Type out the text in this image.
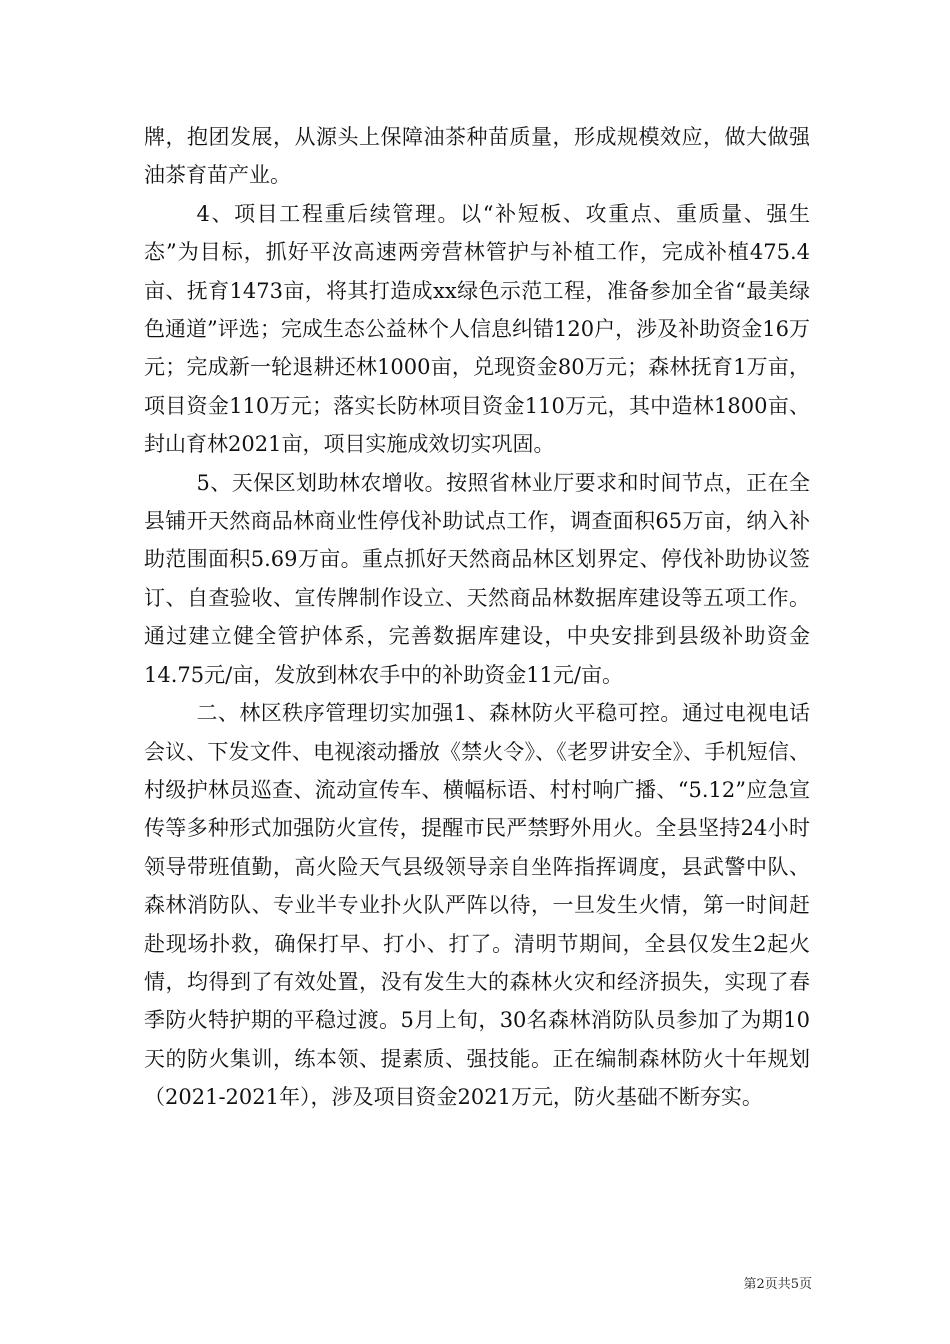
牌，抱团发展，从源头上保障油茶种苗质量，形成规模效应，做大做强油茶育苗产业。

4、项目工程重后续管理。以“补短板、攻重点、重质量、强生态”为目标，抓好平汝高速两旁营林管护与补植工作，完成补植475.4亩、抚育1473亩，将其打造成xx绿色示范工程，准备参加全省“最美绿色通道”评选；完成生态公益林个人信息纠错120户，涉及补助资金16万元；完成新一轮退耕还林1000亩，兑现资金80万元；森林抚育1万亩，项目资金110万元；落实长防林项目资金110万元，其中造林1800亩、封山育林2021亩，项目实施成效切实巩固。

5、天保区划助林农增收。按照省林业厅要求和时间节点，正在全县铺开天然商品林商业性停伐补助试点工作，调查面积65万亩，纳入补助范围面积5.69万亩。重点抓好天然商品林区划界定、停伐补助协议签订、自查验收、宣传牌制作设立、天然商品林数据库建设等五项工作。通过建立健全管护体系，完善数据库建设，中央安排到县级补助资金14.75元/亩，发放到林农手中的补助资金11元/亩。

二、林区秩序管理切实加强1、森林防火平稳可控。通过电视电话会议、下发文件、电视滚动播放《禁火令》、《老罗讲安全》、手机短信、村级护林员巡查、流动宣传车、横幅标语、村村响广播、“5.12”应急宣传等多种形式加强防火宣传，提醒市民严禁野外用火。全县坚持24小时领导带班值勤，高火险天气县级领导亲自坐阵指挥调度，县武警中队、森林消防队、专业半专业扑火队严阵以待，一旦发生火情，第一时间赶赴现场扑救，确保打早、打小、打了。清明节期间，全县仅发生2起火情，均得到了有效处置，没有发生大的森林火灾和经济损失，实现了春季防火特护期的平稳过渡。5月上旬，30名森林消防队员参加了为期10天的防火集训，练本领、提素质、强技能。正在编制森林防火十年规划（2021-2021年），涉及项目资金2021万元，防火基础不断夯实。

第2页共5页
